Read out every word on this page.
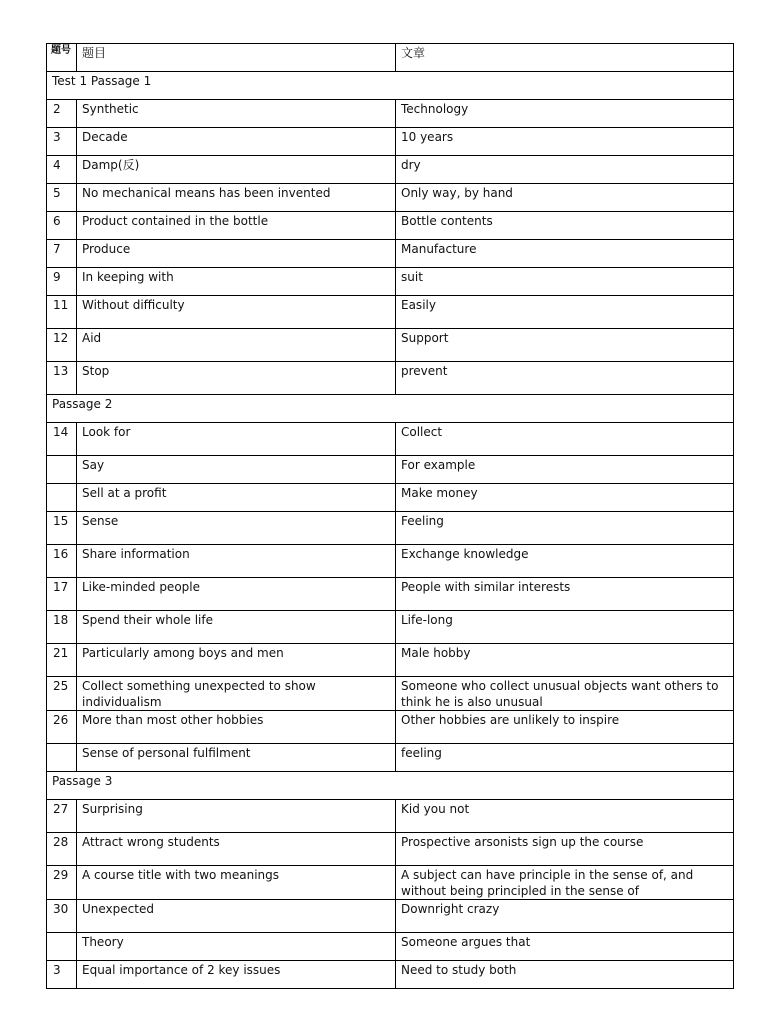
题号	题目	文章
Test 1 Passage 1		
2	Synthetic	Technology
3	Decade	10 years
4	Damp(反)	dry
5	No mechanical means has been invented	Only way, by hand
6	Product contained in the bottle	Bottle contents
7	Produce	Manufacture
9	In keeping with	suit
11	Without difficulty	Easily
12	Aid	Support
13	Stop	prevent
Passage 2		
14	Look for	Collect
	Say	For example
	Sell at a profit	Make money
15	Sense	Feeling
16	Share information	Exchange knowledge
17	Like-minded people	People with similar interests
18	Spend their whole life	Life-long
21	Particularly among boys and men	Male hobby
25	Collect something unexpected to show individualism	Someone who collect unusual objects want others to think he is also unusual
26	More than most other hobbies	Other hobbies are unlikely to inspire
	Sense of personal fulfilment	feeling
Passage 3		
27	Surprising	Kid you not
28	Attract wrong students	Prospective arsonists sign up the course
29	A course title with two meanings	A subject can have principle in the sense of, and without being principled in the sense of
30	Unexpected	Downright crazy
	Theory	Someone argues that
3	Equal importance of 2 key issues	Need to study both
